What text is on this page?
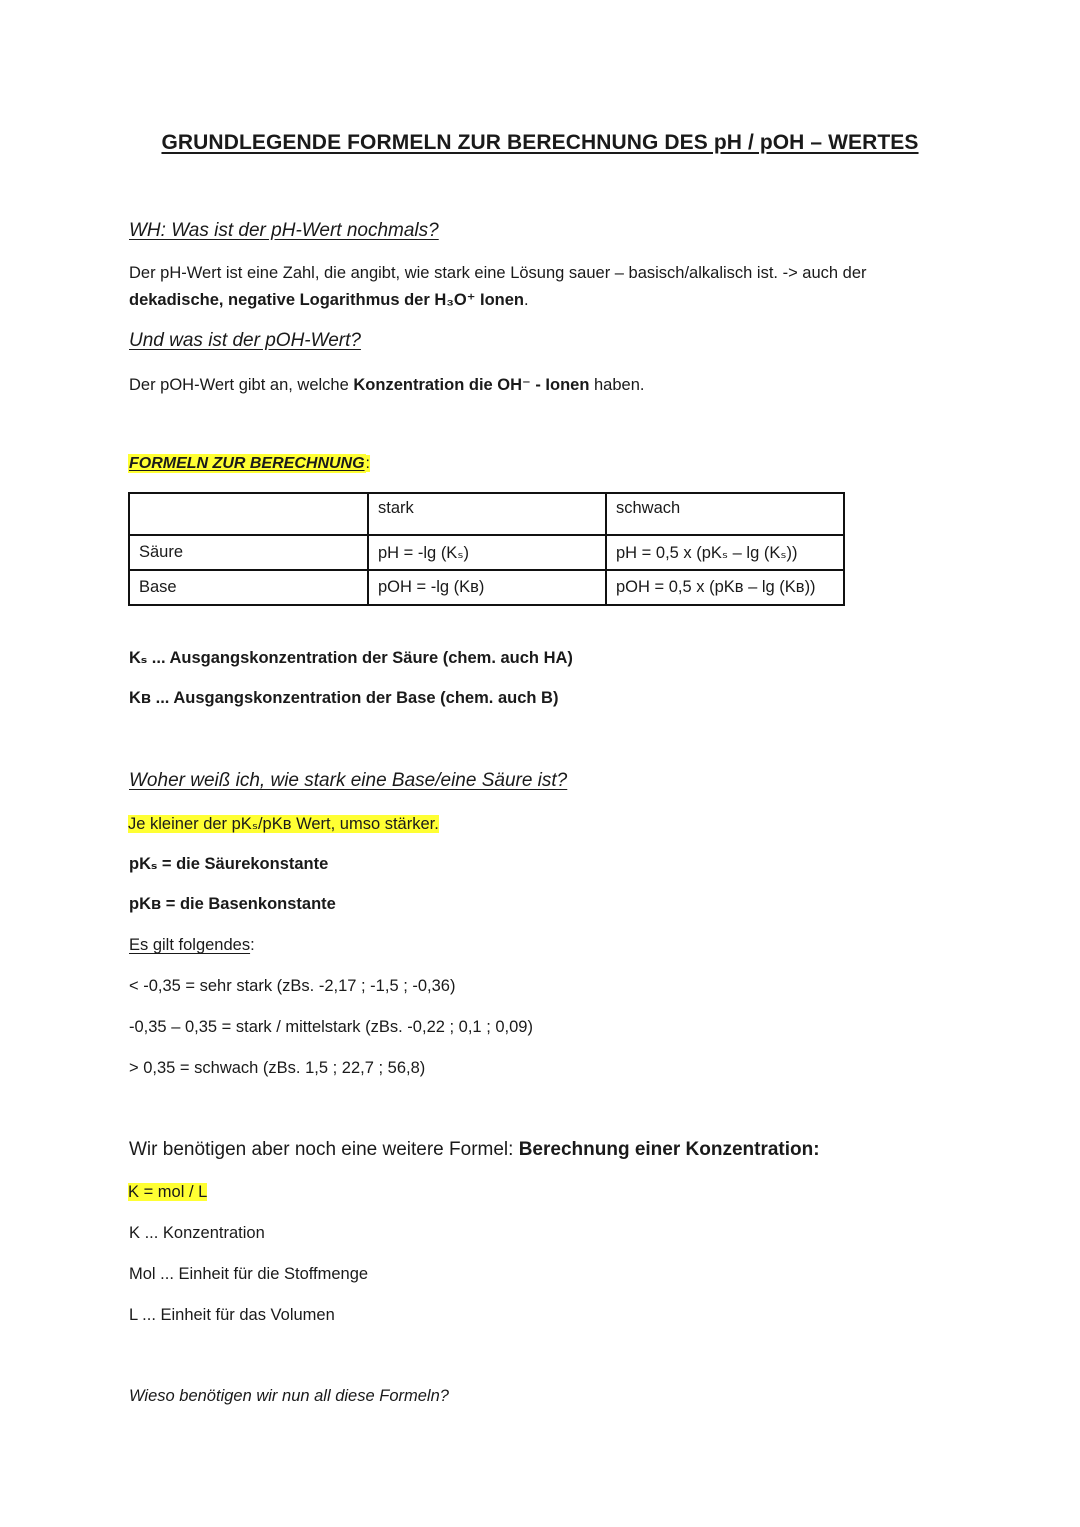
GRUNDLEGENDE FORMELN ZUR BERECHNUNG DES pH / pOH – WERTES

WH: Was ist der pH-Wert nochmals?

Der pH-Wert ist eine Zahl, die angibt, wie stark eine Lösung sauer – basisch/alkalisch ist. -> auch der

dekadische, negative Logarithmus der H₃O⁺ Ionen.

Und was ist der pOH-Wert?

Der pOH-Wert gibt an, welche Konzentration die OH⁻ - Ionen haben.

FORMELN ZUR BERECHNUNG:

	stark	schwach
Säure	pH = -lg (Kₛ)	pH = 0,5 x (pKₛ – lg (Kₛ))
Base	pOH = -lg (Kʙ)	pOH = 0,5 x (pKʙ – lg (Kʙ))

Kₛ ... Ausgangskonzentration der Säure (chem. auch HA)

Kʙ ... Ausgangskonzentration der Base (chem. auch B)

Woher weiß ich, wie stark eine Base/eine Säure ist?

Je kleiner der pKₛ/pKʙ Wert, umso stärker.

pKₛ = die Säurekonstante

pKʙ = die Basenkonstante

Es gilt folgendes:

< -0,35 = sehr stark (zBs. -2,17 ; -1,5 ; -0,36)

-0,35 – 0,35 = stark / mittelstark (zBs. -0,22 ; 0,1 ; 0,09)

> 0,35 = schwach (zBs. 1,5 ; 22,7 ; 56,8)

Wir benötigen aber noch eine weitere Formel: Berechnung einer Konzentration:

K = mol / L

K ... Konzentration

Mol ... Einheit für die Stoffmenge

L ... Einheit für das Volumen

Wieso benötigen wir nun all diese Formeln?
